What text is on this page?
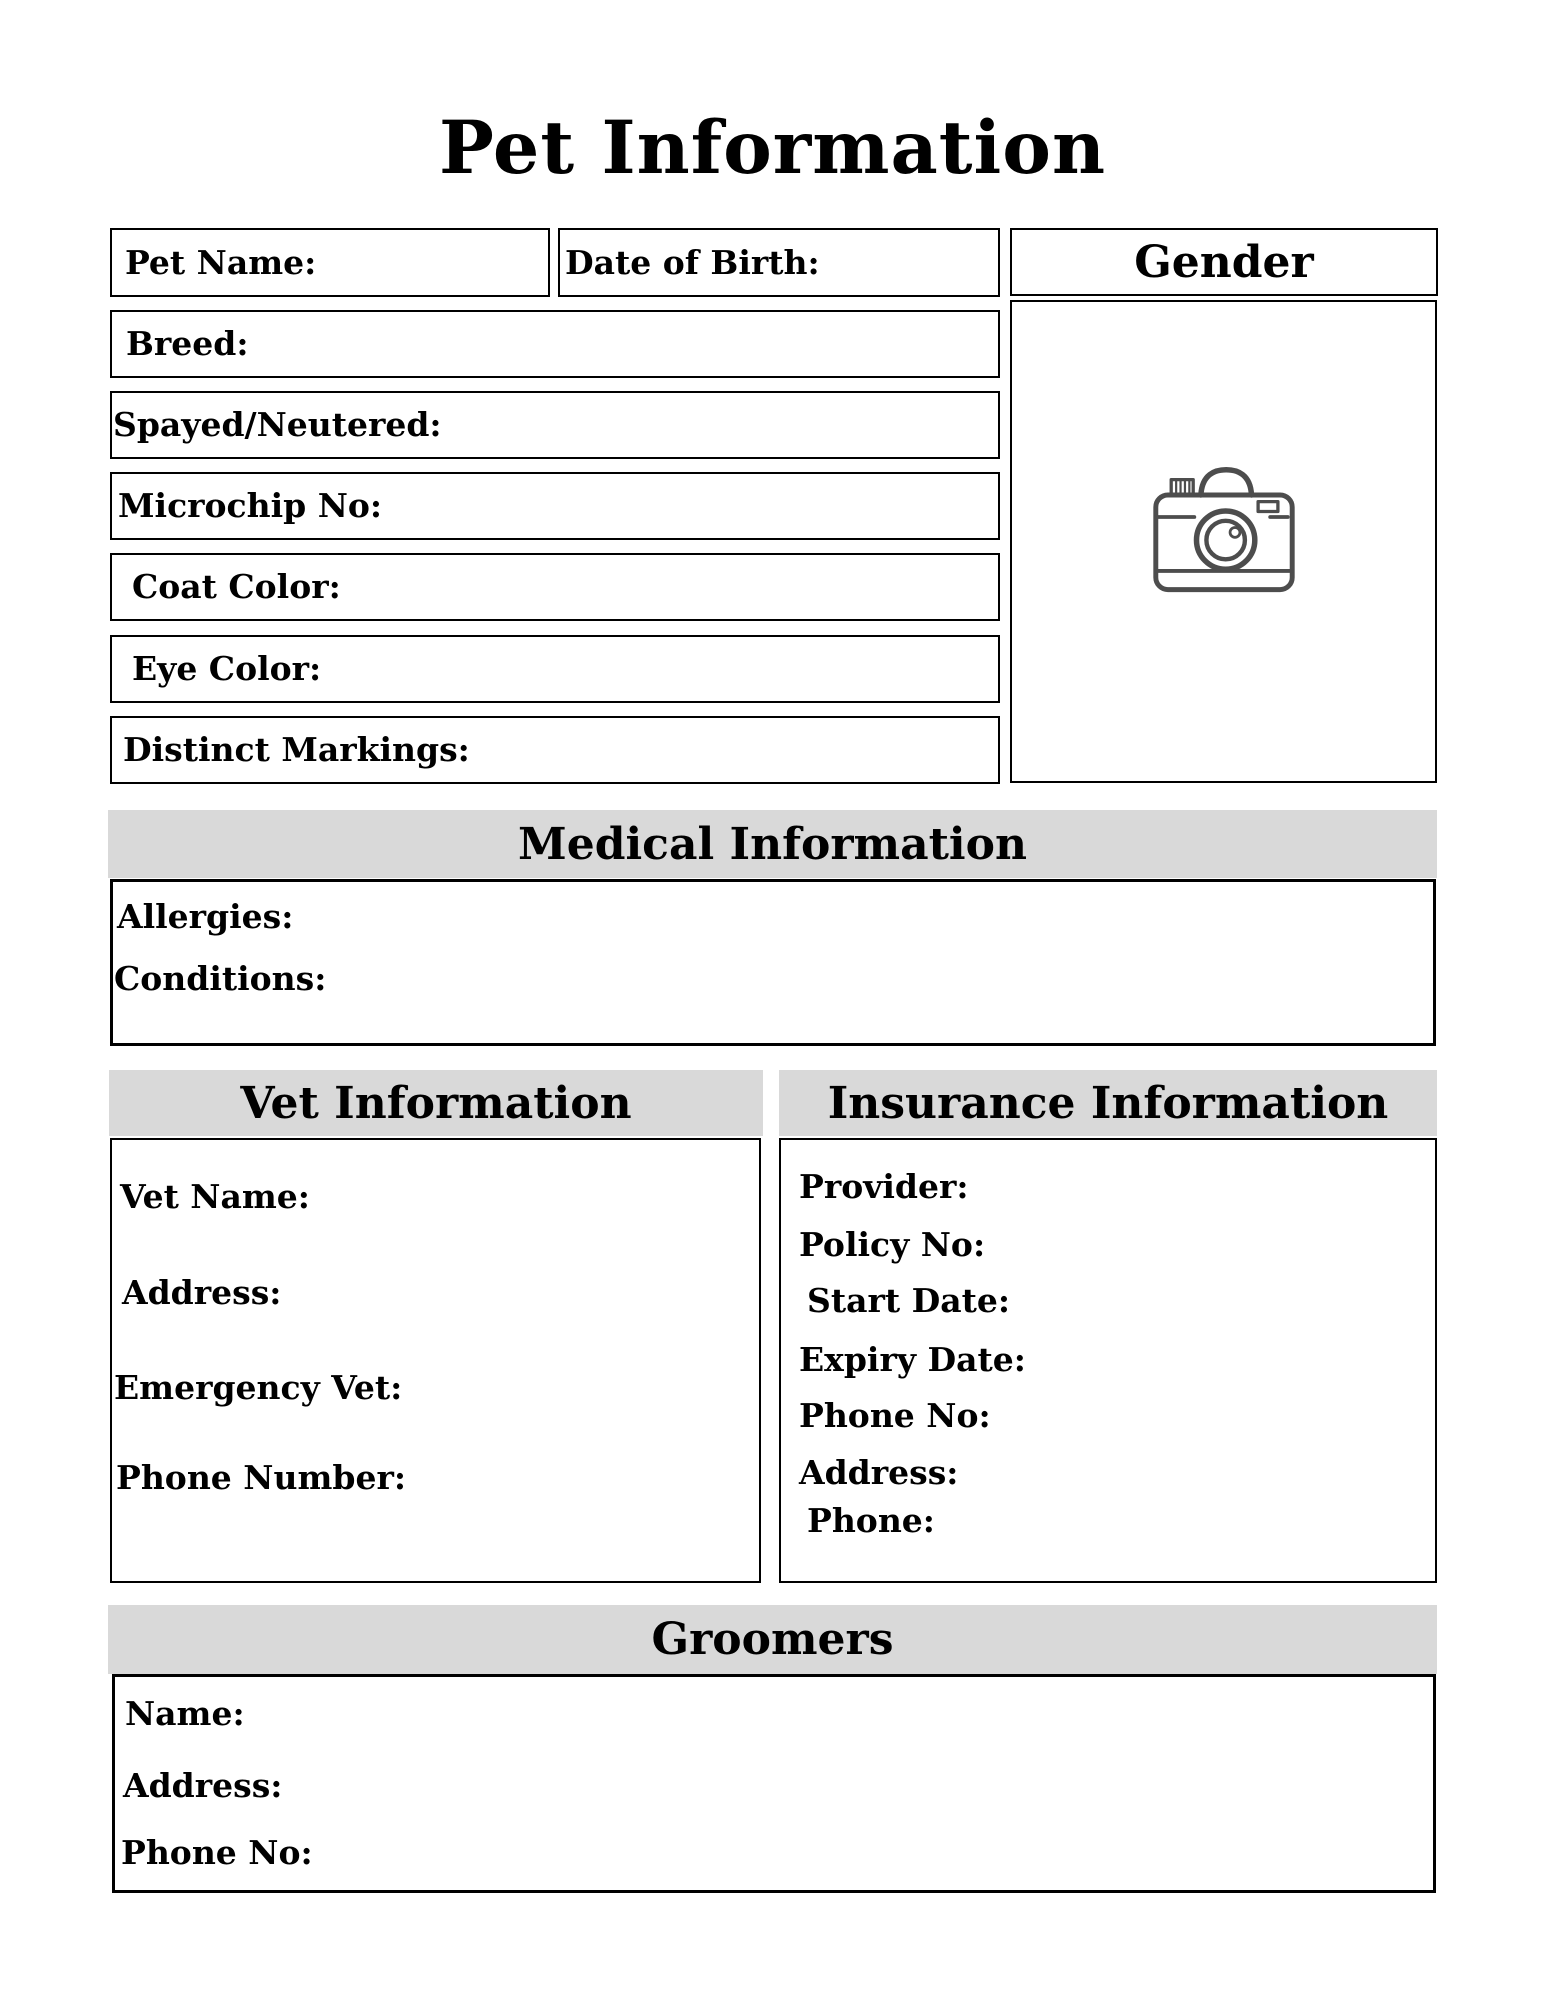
Pet Information
Pet Name:	Date of Birth:	Gender
Breed:
Spayed/Neutered:
Microchip No:
Coat Color:
Eye Color:
Distinct Markings:
Medical Information
Allergies:
Conditions:
Vet Information
Vet Name:
Address:
Emergency Vet:
Phone Number:
Insurance Information
Provider:
Policy No:
Start Date:
Expiry Date:
Phone No:
Address:
Phone:
Groomers
Name:
Address:
Phone No:
